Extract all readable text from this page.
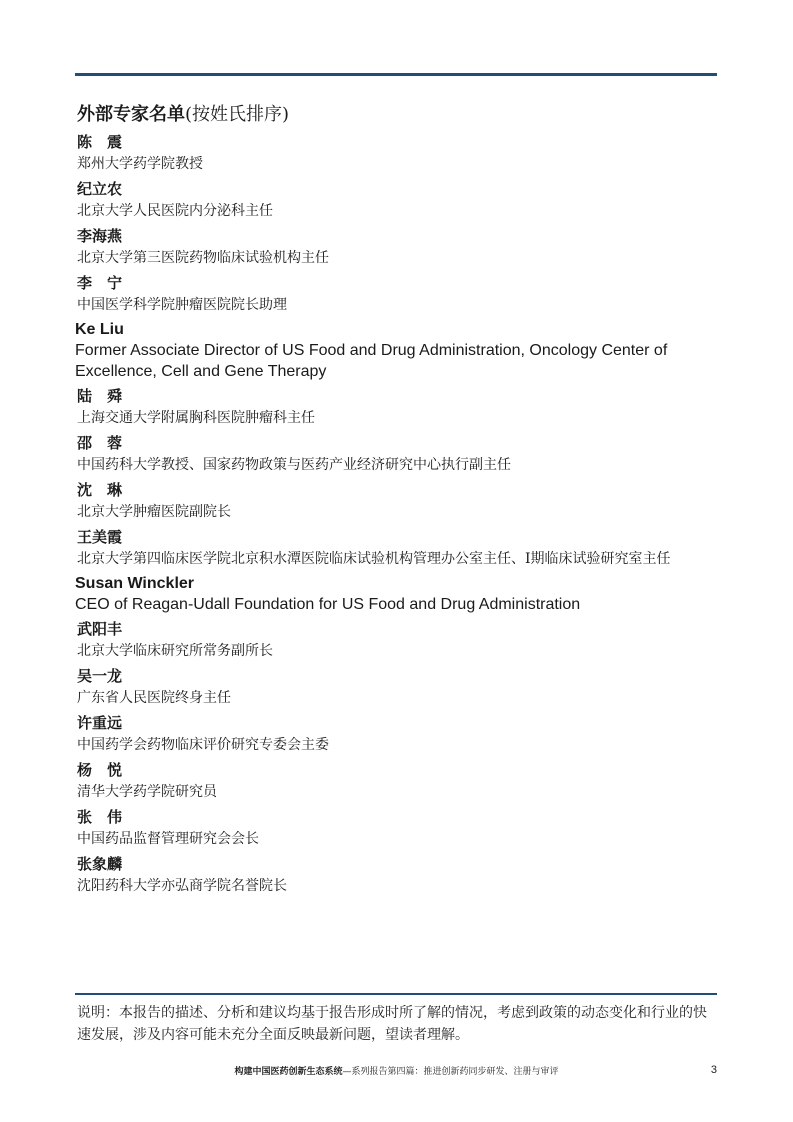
外部专家名单(按姓氏排序)
陈　震
郑州大学药学院教授
纪立农
北京大学人民医院内分泌科主任
李海燕
北京大学第三医院药物临床试验机构主任
李　宁
中国医学科学院肿瘤医院院长助理
Ke Liu
Former Associate Director of US Food and Drug Administration, Oncology Center of Excellence, Cell and Gene Therapy
陆　舜
上海交通大学附属胸科医院肿瘤科主任
邵　蓉
中国药科大学教授、国家药物政策与医药产业经济研究中心执行副主任
沈　琳
北京大学肿瘤医院副院长
王美霞
北京大学第四临床医学院北京积水潭医院临床试验机构管理办公室主任、I期临床试验研究室主任
Susan Winckler
CEO of Reagan-Udall Foundation for US Food and Drug Administration
武阳丰
北京大学临床研究所常务副所长
吴一龙
广东省人民医院终身主任
许重远
中国药学会药物临床评价研究专委会主委
杨　悦
清华大学药学院研究员
张　伟
中国药品监督管理研究会会长
张象麟
沈阳药科大学亦弘商学院名誉院长
说明：本报告的描述、分析和建议均基于报告形成时所了解的情况，考虑到政策的动态变化和行业的快速发展，涉及内容可能未充分全面反映最新问题，望读者理解。
构建中国医药创新生态系统—系列报告第四篇：推进创新药同步研发、注册与审评	3
